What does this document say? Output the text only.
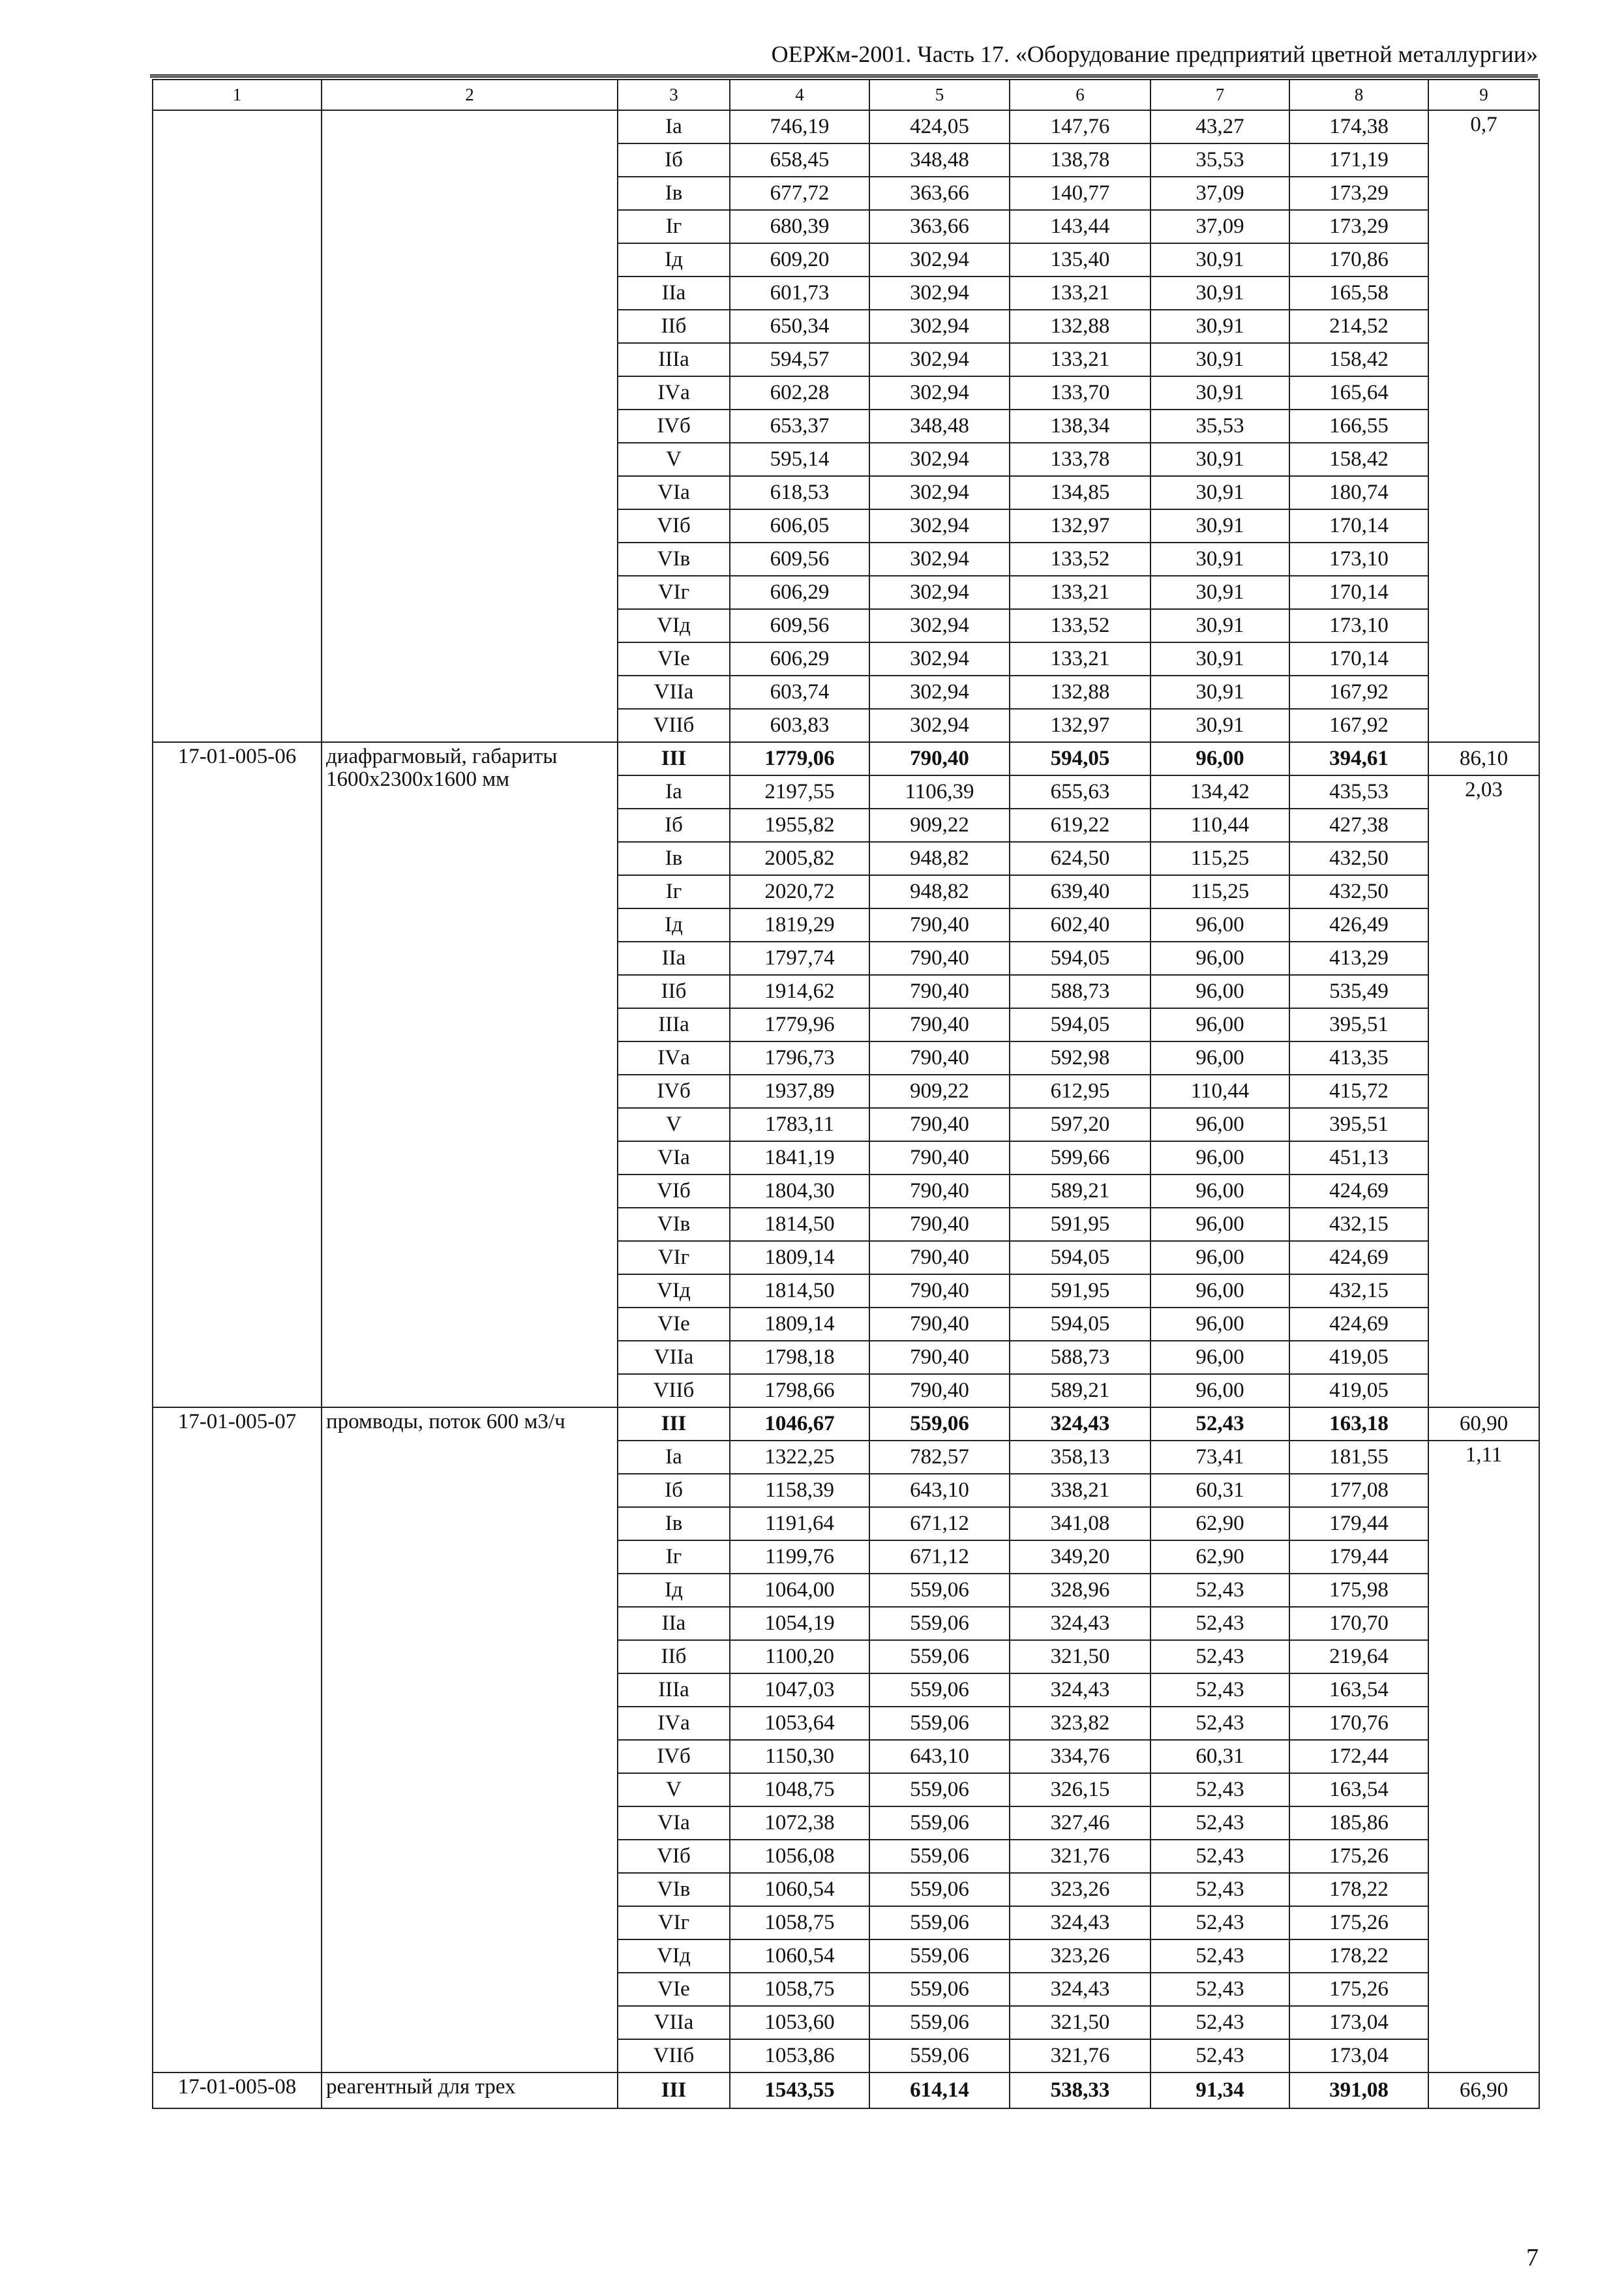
ОЕРЖм-2001. Часть 17. «Оборудование предприятий цветной металлургии»
1	2	3	4	5	6	7	8	9
		Iа	746,19	424,05	147,76	43,27	174,38	0,7
		Iб	658,45	348,48	138,78	35,53	171,19	
		Iв	677,72	363,66	140,77	37,09	173,29	
		Iг	680,39	363,66	143,44	37,09	173,29	
		Iд	609,20	302,94	135,40	30,91	170,86	
		IIа	601,73	302,94	133,21	30,91	165,58	
		IIб	650,34	302,94	132,88	30,91	214,52	
		IIIа	594,57	302,94	133,21	30,91	158,42	
		IVа	602,28	302,94	133,70	30,91	165,64	
		IVб	653,37	348,48	138,34	35,53	166,55	
		V	595,14	302,94	133,78	30,91	158,42	
		VIа	618,53	302,94	134,85	30,91	180,74	
		VIб	606,05	302,94	132,97	30,91	170,14	
		VIв	609,56	302,94	133,52	30,91	173,10	
		VIг	606,29	302,94	133,21	30,91	170,14	
		VIд	609,56	302,94	133,52	30,91	173,10	
		VIе	606,29	302,94	133,21	30,91	170,14	
		VIIа	603,74	302,94	132,88	30,91	167,92	
		VIIб	603,83	302,94	132,97	30,91	167,92	
17-01-005-06	диафрагмовый, габариты 1600х2300х1600 мм	III	1779,06	790,40	594,05	96,00	394,61	86,10
		Iа	2197,55	1106,39	655,63	134,42	435,53	2,03
		Iб	1955,82	909,22	619,22	110,44	427,38	
		Iв	2005,82	948,82	624,50	115,25	432,50	
		Iг	2020,72	948,82	639,40	115,25	432,50	
		Iд	1819,29	790,40	602,40	96,00	426,49	
		IIа	1797,74	790,40	594,05	96,00	413,29	
		IIб	1914,62	790,40	588,73	96,00	535,49	
		IIIа	1779,96	790,40	594,05	96,00	395,51	
		IVа	1796,73	790,40	592,98	96,00	413,35	
		IVб	1937,89	909,22	612,95	110,44	415,72	
		V	1783,11	790,40	597,20	96,00	395,51	
		VIа	1841,19	790,40	599,66	96,00	451,13	
		VIб	1804,30	790,40	589,21	96,00	424,69	
		VIв	1814,50	790,40	591,95	96,00	432,15	
		VIг	1809,14	790,40	594,05	96,00	424,69	
		VIд	1814,50	790,40	591,95	96,00	432,15	
		VIе	1809,14	790,40	594,05	96,00	424,69	
		VIIа	1798,18	790,40	588,73	96,00	419,05	
		VIIб	1798,66	790,40	589,21	96,00	419,05	
17-01-005-07	промводы, поток 600 м3/ч	III	1046,67	559,06	324,43	52,43	163,18	60,90
		Iа	1322,25	782,57	358,13	73,41	181,55	1,11
		Iб	1158,39	643,10	338,21	60,31	177,08	
		Iв	1191,64	671,12	341,08	62,90	179,44	
		Iг	1199,76	671,12	349,20	62,90	179,44	
		Iд	1064,00	559,06	328,96	52,43	175,98	
		IIа	1054,19	559,06	324,43	52,43	170,70	
		IIб	1100,20	559,06	321,50	52,43	219,64	
		IIIа	1047,03	559,06	324,43	52,43	163,54	
		IVа	1053,64	559,06	323,82	52,43	170,76	
		IVб	1150,30	643,10	334,76	60,31	172,44	
		V	1048,75	559,06	326,15	52,43	163,54	
		VIа	1072,38	559,06	327,46	52,43	185,86	
		VIб	1056,08	559,06	321,76	52,43	175,26	
		VIв	1060,54	559,06	323,26	52,43	178,22	
		VIг	1058,75	559,06	324,43	52,43	175,26	
		VIд	1060,54	559,06	323,26	52,43	178,22	
		VIе	1058,75	559,06	324,43	52,43	175,26	
		VIIа	1053,60	559,06	321,50	52,43	173,04	
		VIIб	1053,86	559,06	321,76	52,43	173,04	
17-01-005-08	реагентный для трех	III	1543,55	614,14	538,33	91,34	391,08	66,90
7
